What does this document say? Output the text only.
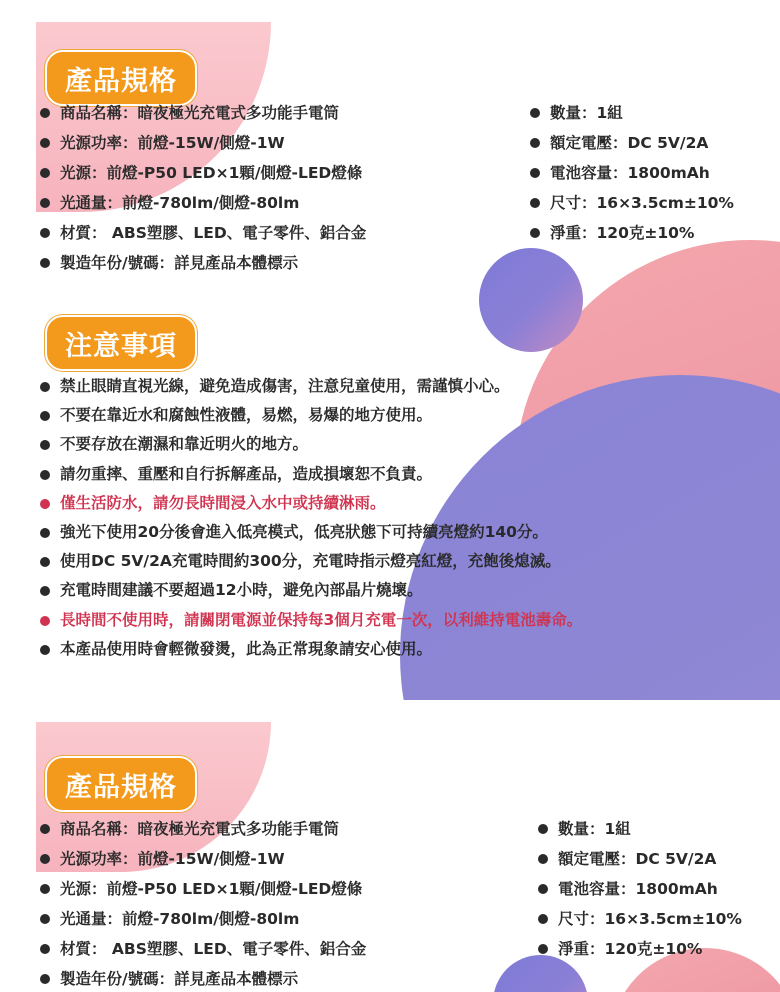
產品規格
商品名稱：暗夜極光充電式多功能手電筒
光源功率：前燈-15W/側燈-1W
光源：前燈-P50 LED×1顆/側燈-LED燈條
光通量：前燈-780lm/側燈-80lm
材質： ABS塑膠、LED、電子零件、鋁合金
製造年份/號碼：詳見產品本體標示
數量：1組
額定電壓：DC 5V/2A
電池容量：1800mAh
尺寸：16×3.5cm±10%
淨重：120克±10%
注意事項
禁止眼睛直視光線，避免造成傷害，注意兒童使用，需謹慎小心。
不要在靠近水和腐蝕性液體，易燃，易爆的地方使用。
不要存放在潮濕和靠近明火的地方。
請勿重摔、重壓和自行拆解產品，造成損壞恕不負責。
僅生活防水，請勿長時間浸入水中或持續淋雨。
強光下使用20分後會進入低亮模式，低亮狀態下可持續亮燈約140分。
使用DC 5V/2A充電時間約300分，充電時指示燈亮紅燈，充飽後熄滅。
充電時間建議不要超過12小時，避免內部晶片燒壞。
長時間不使用時，請關閉電源並保持每3個月充電一次，以利維持電池壽命。
本產品使用時會輕微發燙，此為正常現象請安心使用。
產品規格
商品名稱：暗夜極光充電式多功能手電筒
光源功率：前燈-15W/側燈-1W
光源：前燈-P50 LED×1顆/側燈-LED燈條
光通量：前燈-780lm/側燈-80lm
材質： ABS塑膠、LED、電子零件、鋁合金
製造年份/號碼：詳見產品本體標示
數量：1組
額定電壓：DC 5V/2A
電池容量：1800mAh
尺寸：16×3.5cm±10%
淨重：120克±10%
